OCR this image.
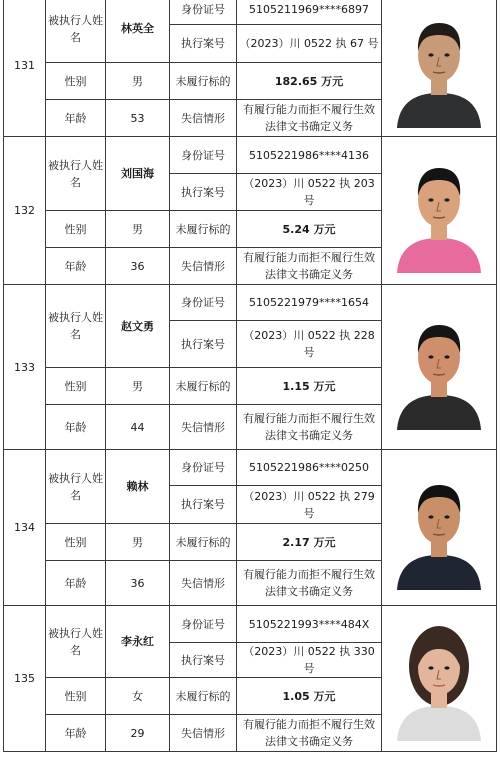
131	被执行人姓名	林英全	身份证号	5105211969****6897	

			执行案号	（2023）川 0522 执 67 号	
	性别	男	未履行标的	182.65 万元	
	年龄	53	失信情形	有履行能力而拒不履行生效法律文书确定义务	
132	被执行人姓名	刘国海	身份证号	5105221986****4136	

			执行案号	（2023）川 0522 执 203 号	
	性别	男	未履行标的	5.24 万元	
	年龄	36	失信情形	有履行能力而拒不履行生效法律文书确定义务	
133	被执行人姓名	赵文勇	身份证号	5105221979****1654	

			执行案号	（2023）川 0522 执 228 号	
	性别	男	未履行标的	1.15 万元	
	年龄	44	失信情形	有履行能力而拒不履行生效法律文书确定义务	
134	被执行人姓名	赖林	身份证号	5105221986****0250	

			执行案号	（2023）川 0522 执 279 号	
	性别	男	未履行标的	2.17 万元	
	年龄	36	失信情形	有履行能力而拒不履行生效法律文书确定义务	
135	被执行人姓名	李永红	身份证号	5105221993****484X	

			执行案号	（2023）川 0522 执 330 号	
	性别	女	未履行标的	1.05 万元	
	年龄	29	失信情形	有履行能力而拒不履行生效法律文书确定义务	
